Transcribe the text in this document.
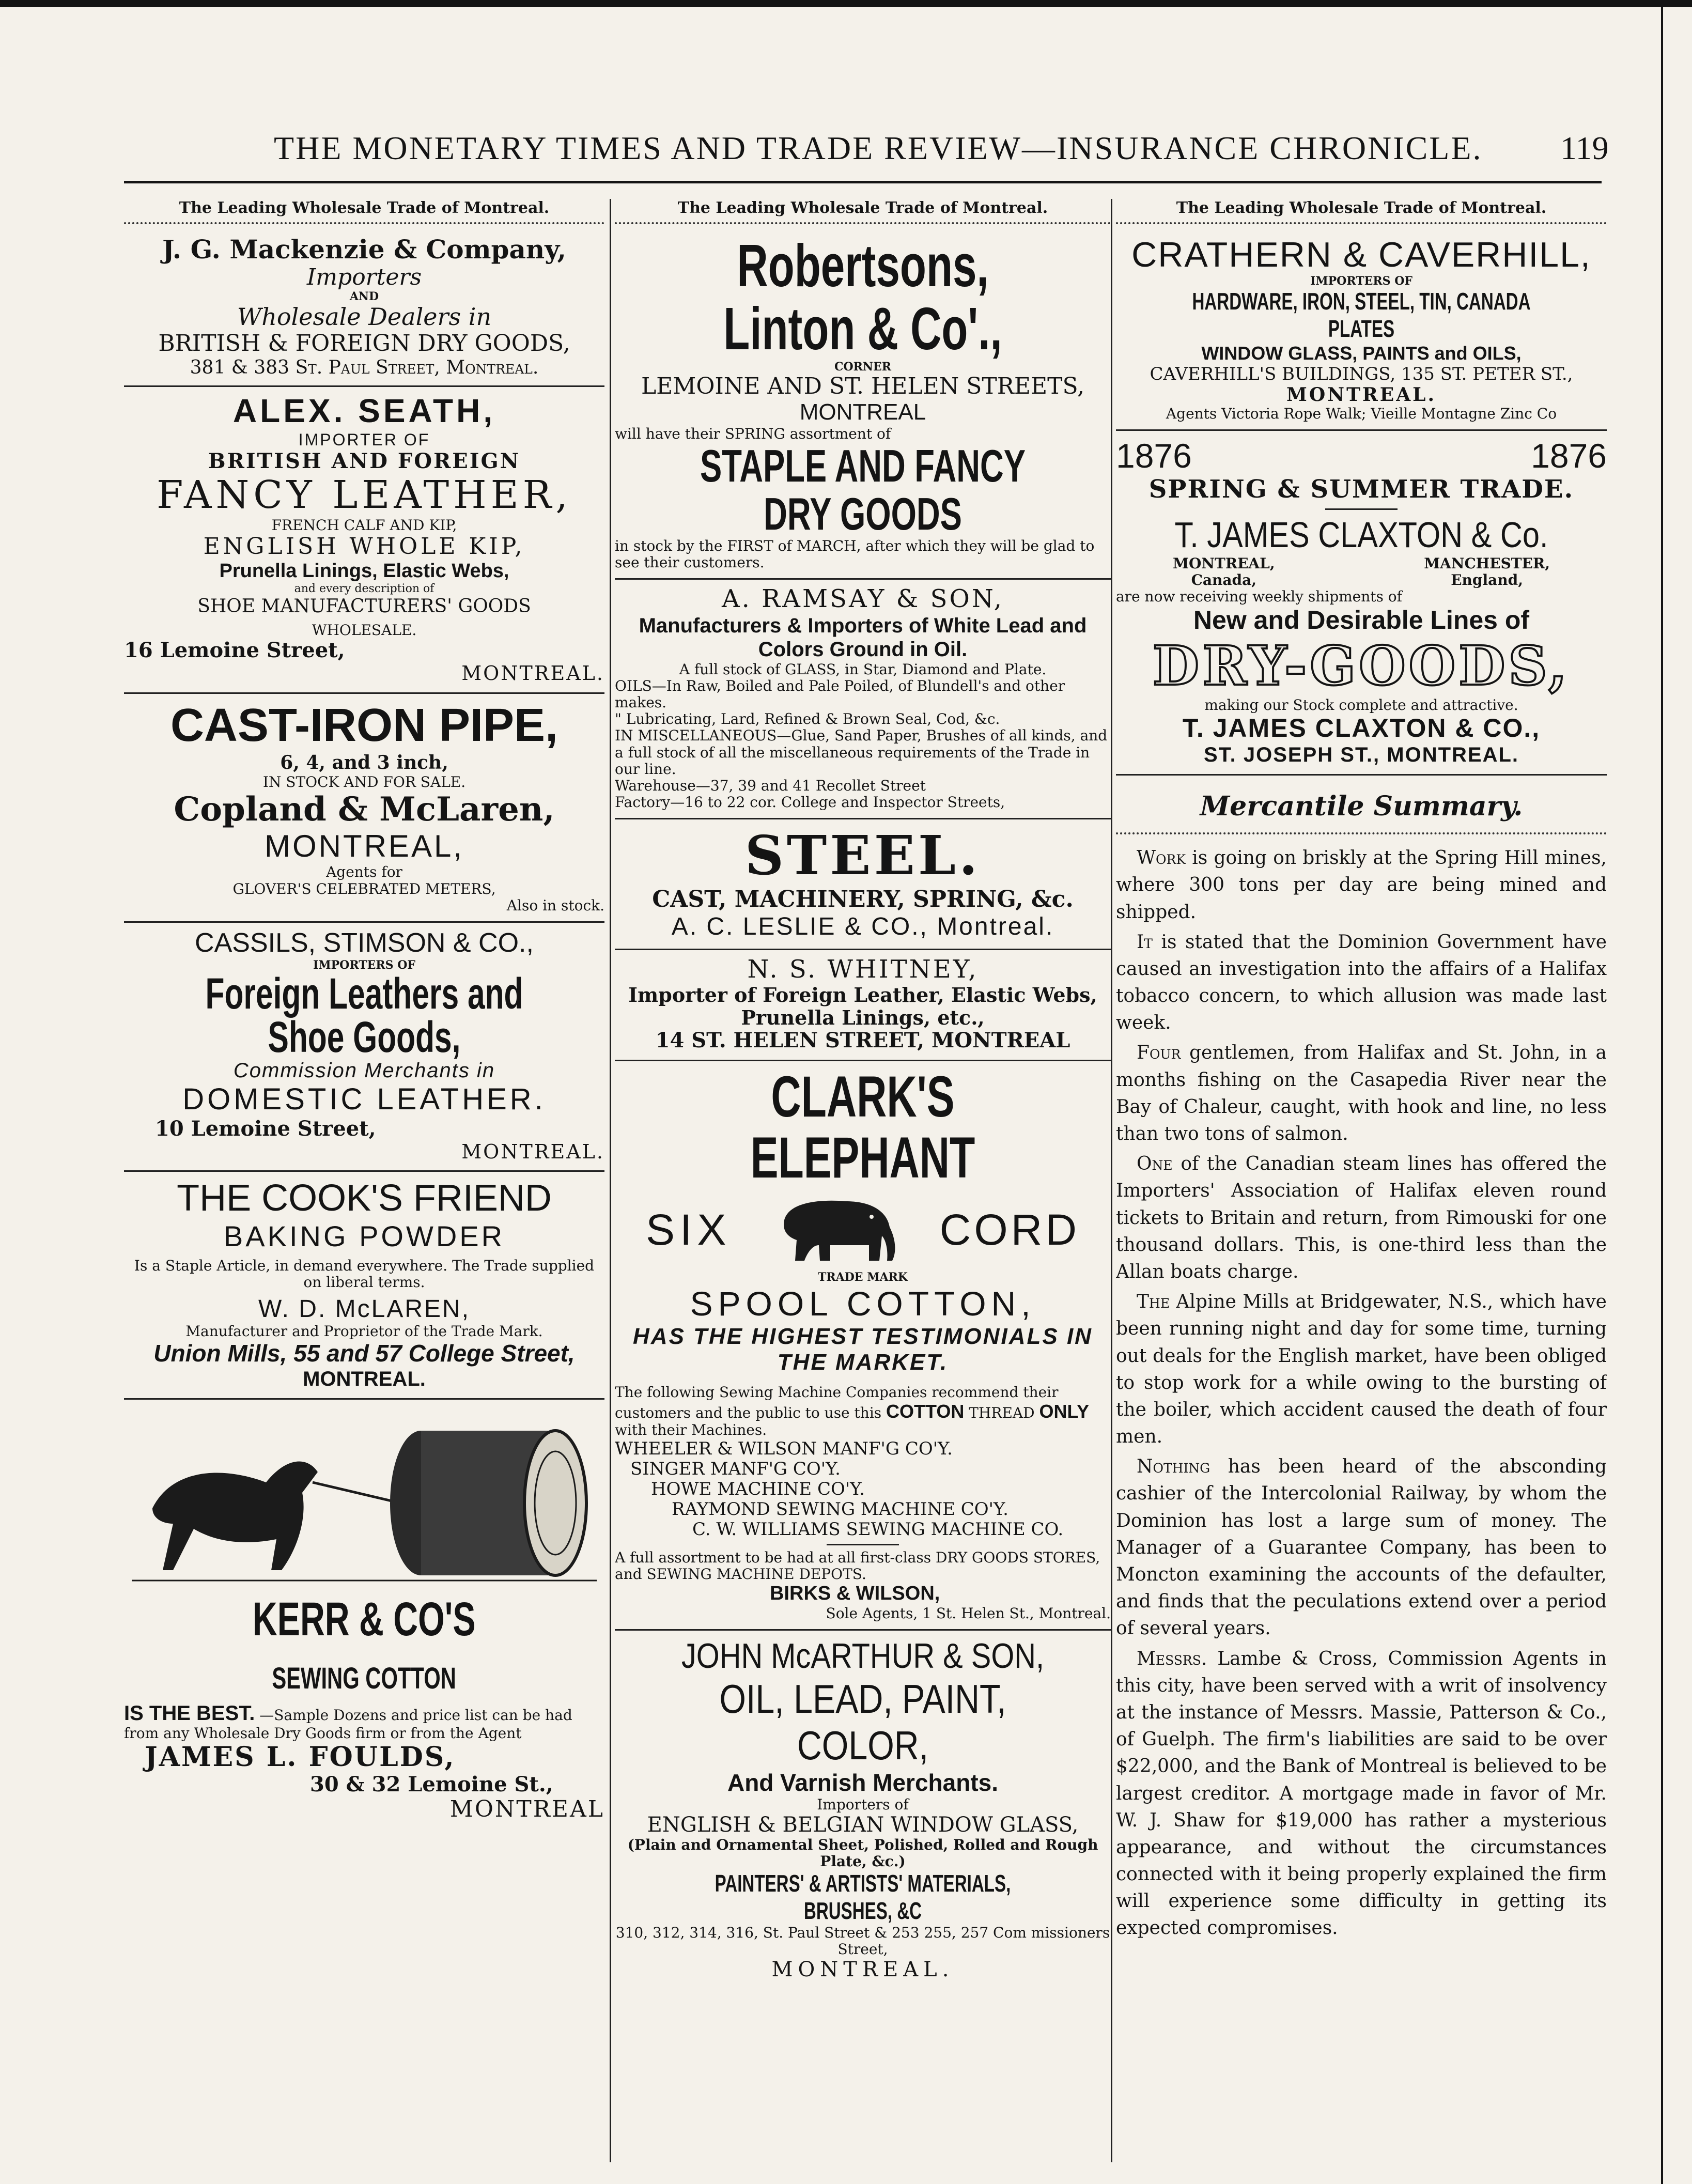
THE MONETARY TIMES AND TRADE REVIEW—INSURANCE CHRONICLE. 119
The Leading Wholesale Trade of Montreal.
J. G. Mackenzie & Company,
Importers
AND
Wholesale Dealers in
BRITISH & FOREIGN DRY GOODS,
381 & 383 St. Paul Street, Montreal.
ALEX. SEATH,
IMPORTER OF
BRITISH AND FOREIGN
FANCY LEATHER,
FRENCH CALF AND KIP,
ENGLISH WHOLE KIP,
Prunella Linings, Elastic Webs,
and every description of
SHOE MANUFACTURERS' GOODS
WHOLESALE.
16 Lemoine Street,
MONTREAL.
CAST-IRON PIPE,
6, 4, and 3 inch,
IN STOCK AND FOR SALE.
Copland & McLaren,
MONTREAL,
Agents for
GLOVER'S CELEBRATED METERS,
Also in stock.
CASSILS, STIMSON & CO.,
IMPORTERS OF
Foreign Leathers and Shoe Goods,
Commission Merchants in
DOMESTIC LEATHER.
10 Lemoine Street,
MONTREAL.
THE COOK'S FRIEND
BAKING POWDER
Is a Staple Article, in demand everywhere. The Trade supplied on liberal terms.
W. D. McLAREN,
Manufacturer and Proprietor of the Trade Mark.
Union Mills, 55 and 57 College Street,
MONTREAL.
KERR & CO'SSEWING COTTON
IS THE BEST. —Sample Dozens and price list can be had from any Wholesale Dry Goods firm or from the Agent
JAMES L. FOULDS,
30 & 32 Lemoine St.,
MONTREAL
The Leading Wholesale Trade of Montreal.
Robertsons, Linton & Co'.,
CORNER
LEMOINE AND ST. HELEN STREETS,
MONTREAL
will have their SPRING assortment of
STAPLE AND FANCY DRY GOODS
in stock by the FIRST of MARCH, after which they will be glad to see their customers.
A. RAMSAY & SON,
Manufacturers & Importers of White Lead and Colors Ground in Oil.
A full stock of GLASS, in Star, Diamond and Plate.
OILS—In Raw, Boiled and Pale Poiled, of Blundell's and other makes.
" Lubricating, Lard, Refined & Brown Seal, Cod, &c.
IN MISCELLANEOUS—Glue, Sand Paper, Brushes of all kinds, and a full stock of all the miscellaneous requirements of the Trade in our line.
Warehouse—37, 39 and 41 Recollet Street
Factory—16 to 22 cor. College and Inspector Streets,
STEEL.
CAST, MACHINERY, SPRING, &c.
A. C. LESLIE & CO., Montreal.
N. S. WHITNEY,
Importer of Foreign Leather, Elastic Webs,
Prunella Linings, etc.,
14 ST. HELEN STREET, MONTREAL
CLARK'S ELEPHANT
SIX	CORD
TRADE MARK
SPOOL COTTON,
HAS THE HIGHEST TESTIMONIALS IN THE MARKET.
The following Sewing Machine Companies recommend their customers and the public to use this COTTON THREAD ONLY with their Machines.
WHEELER & WILSON MANF'G CO'Y.
SINGER MANF'G CO'Y.
HOWE MACHINE CO'Y.
RAYMOND SEWING MACHINE CO'Y.
C. W. WILLIAMS SEWING MACHINE CO.
A full assortment to be had at all first-class DRY GOODS STORES, and SEWING MACHINE DEPOTS.
BIRKS & WILSON,
Sole Agents, 1 St. Helen St., Montreal.
JOHN McARTHUR & SON,
OIL, LEAD, PAINT, COLOR,
And Varnish Merchants.
Importers of
ENGLISH & BELGIAN WINDOW GLASS,
(Plain and Ornamental Sheet, Polished, Rolled and Rough Plate, &c.)
PAINTERS' & ARTISTS' MATERIALS, BRUSHES, &C
310, 312, 314, 316, St. Paul Street & 253 255, 257 Com missioners Street,
MONTREAL.
The Leading Wholesale Trade of Montreal.
CRATHERN & CAVERHILL,
IMPORTERS OF
HARDWARE, IRON, STEEL, TIN, CANADA PLATES
WINDOW GLASS, PAINTS and OILS,
CAVERHILL'S BUILDINGS, 135 ST. PETER ST.,
MONTREAL.
Agents Victoria Rope Walk; Vieille Montagne Zinc Co
1876	1876
SPRING & SUMMER TRADE.
T. JAMES CLAXTON & Co.
MONTREAL,
Canada,
MANCHESTER,
England,
are now receiving weekly shipments of
New and Desirable Lines of
DRY-GOODS,
making our Stock complete and attractive.
T. JAMES CLAXTON & CO.,
ST. JOSEPH ST., MONTREAL.
Mercantile Summary.

Work is going on briskly at the Spring Hill mines, where 300 tons per day are being mined and shipped.

It is stated that the Dominion Government have caused an investigation into the affairs of a Halifax tobacco concern, to which allusion was made last week.

Four gentlemen, from Halifax and St. John, in a months fishing on the Casapedia River near the Bay of Chaleur, caught, with hook and line, no less than two tons of salmon.

One of the Canadian steam lines has offered the Importers' Association of Halifax eleven round tickets to Britain and return, from Rimouski for one thousand dollars. This, is one-third less than the Allan boats charge.

The Alpine Mills at Bridgewater, N.S., which have been running night and day for some time, turning out deals for the English market, have been obliged to stop work for a while owing to the bursting of the boiler, which accident caused the death of four men.

Nothing has been heard of the absconding cashier of the Intercolonial Railway, by whom the Dominion has lost a large sum of money. The Manager of a Guarantee Company, has been to Moncton examining the accounts of the defaulter, and finds that the peculations extend over a period of several years.

Messrs. Lambe & Cross, Commission Agents in this city, have been served with a writ of insolvency at the instance of Messrs. Massie, Patterson & Co., of Guelph. The firm's liabilities are said to be over $22,000, and the Bank of Montreal is believed to be largest creditor. A mortgage made in favor of Mr. W. J. Shaw for $19,000 has rather a mysterious appearance, and without the circumstances connected with it being properly explained the firm will experience some difficulty in getting its expected compromises.
